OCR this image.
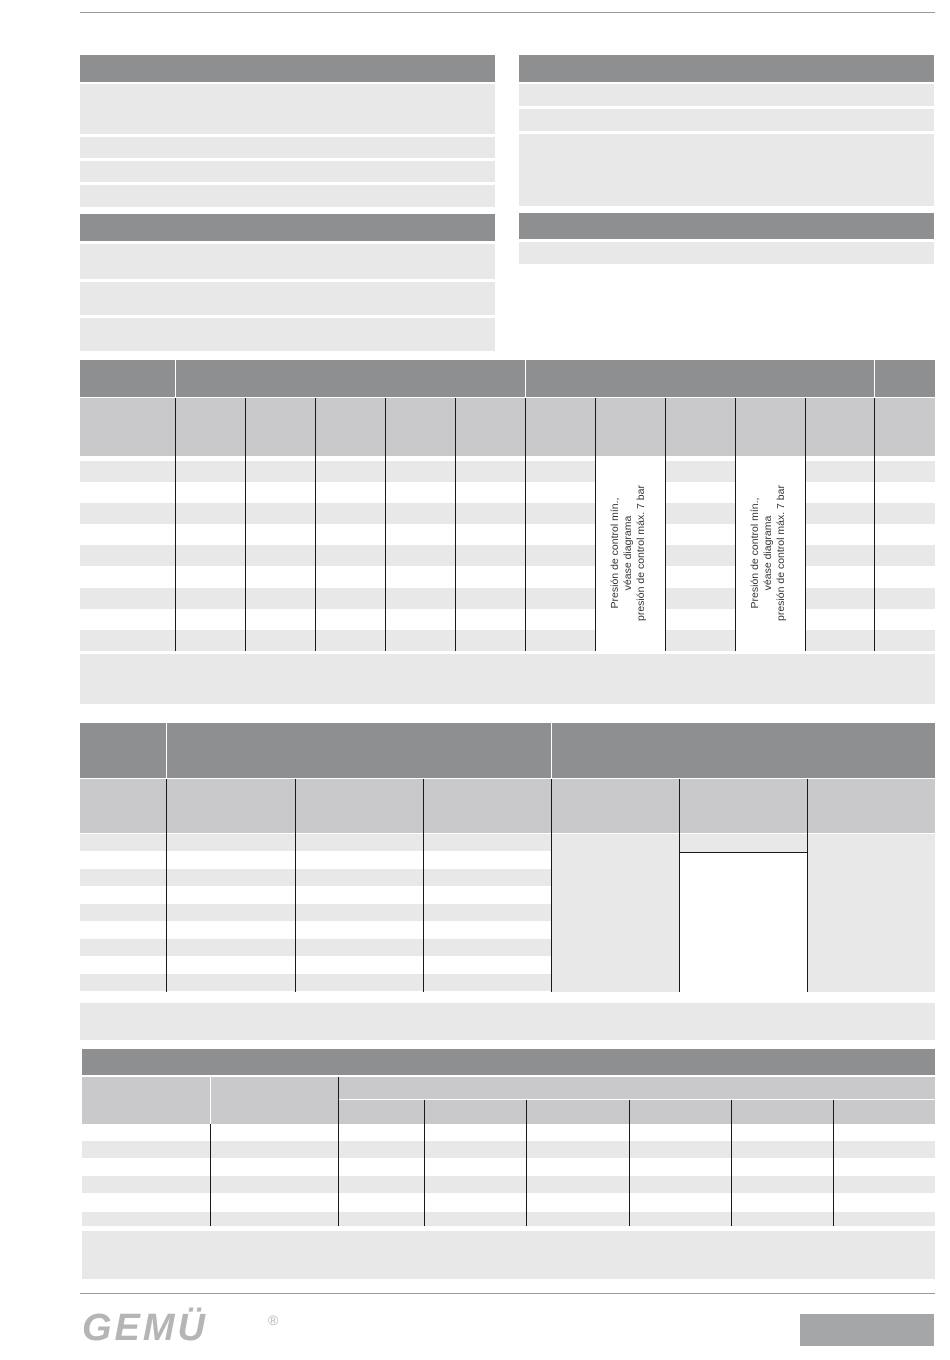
Presión de control mín., véase diagrama presión de control máx. 7 bar	Presión de control mín., véase diagrama presión de control máx. 7 bar
GEMÜ	®
